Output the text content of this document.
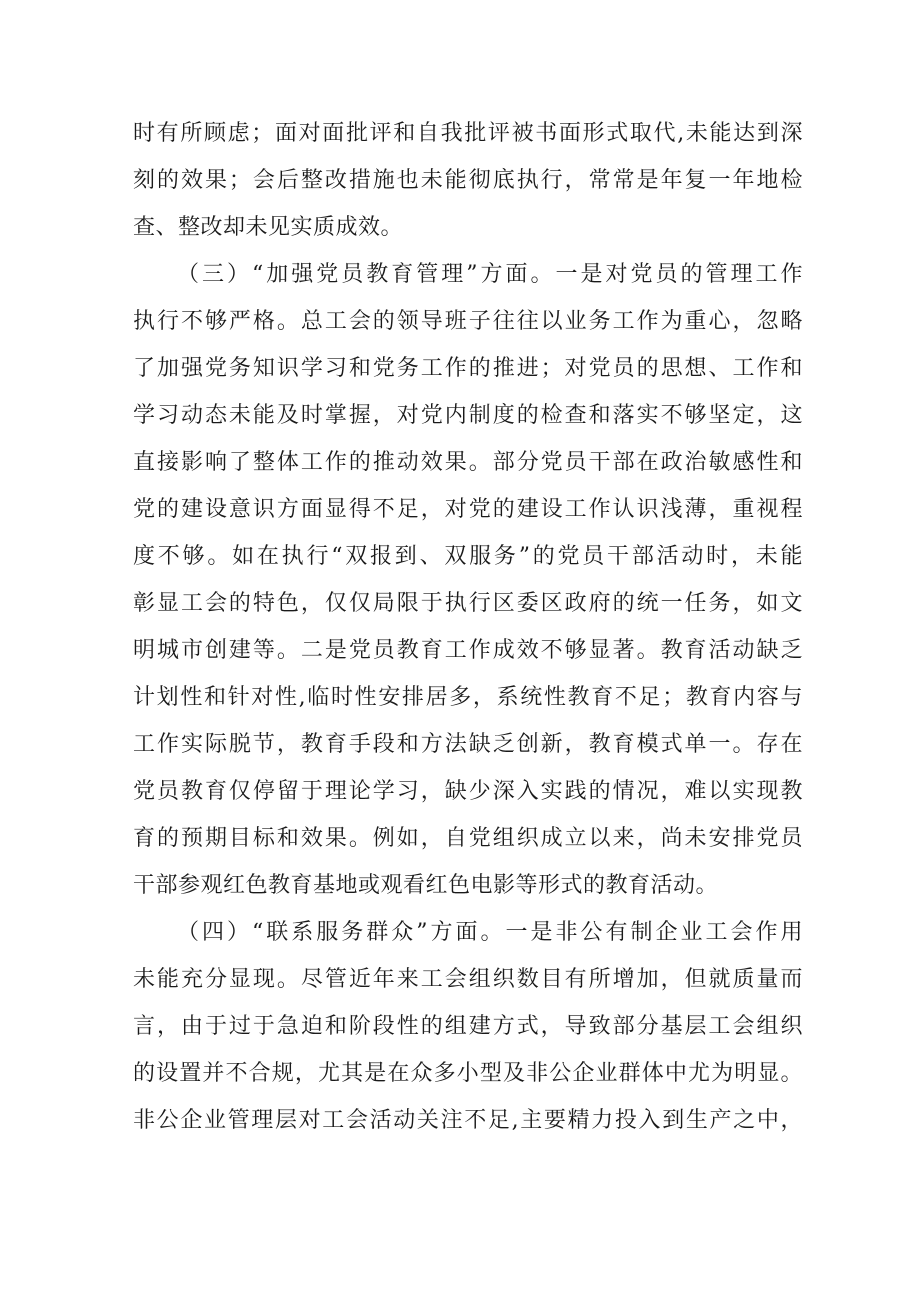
时有所顾虑；面对面批评和自我批评被书面形式取代,未能达到深
刻的效果；会后整改措施也未能彻底执行，常常是年复一年地检
查、整改却未见实质成效。
（三）“加强党员教育管理”方面。一是对党员的管理工作
执行不够严格。总工会的领导班子往往以业务工作为重心，忽略
了加强党务知识学习和党务工作的推进；对党员的思想、工作和
学习动态未能及时掌握，对党内制度的检查和落实不够坚定，这
直接影响了整体工作的推动效果。部分党员干部在政治敏感性和
党的建设意识方面显得不足，对党的建设工作认识浅薄，重视程
度不够。如在执行“双报到、双服务”的党员干部活动时，未能
彰显工会的特色，仅仅局限于执行区委区政府的统一任务，如文
明城市创建等。二是党员教育工作成效不够显著。教育活动缺乏
计划性和针对性,临时性安排居多，系统性教育不足；教育内容与
工作实际脱节，教育手段和方法缺乏创新，教育模式单一。存在
党员教育仅停留于理论学习，缺少深入实践的情况，难以实现教
育的预期目标和效果。例如，自党组织成立以来，尚未安排党员
干部参观红色教育基地或观看红色电影等形式的教育活动。
（四）“联系服务群众”方面。一是非公有制企业工会作用
未能充分显现。尽管近年来工会组织数目有所增加，但就质量而
言，由于过于急迫和阶段性的组建方式，导致部分基层工会组织
的设置并不合规，尤其是在众多小型及非公企业群体中尤为明显。
非公企业管理层对工会活动关注不足,主要精力投入到生产之中，
